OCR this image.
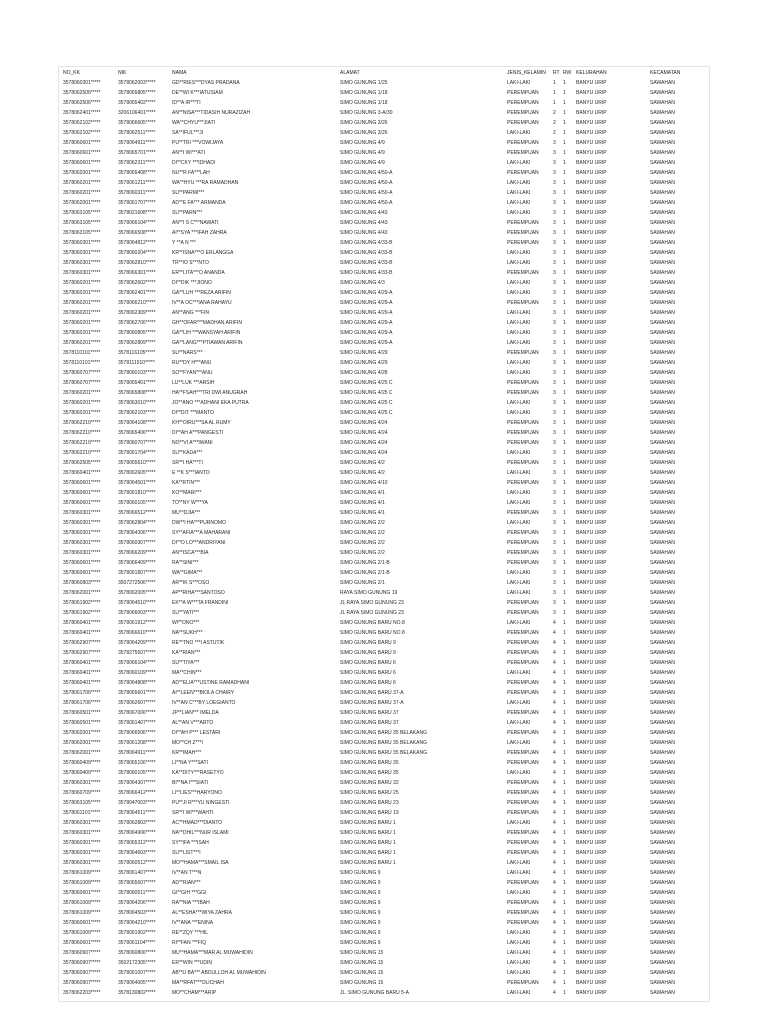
NO_KK	NIK	NAMA	ALAMAT	JENIS_KELAMIN	RT	RW	KELURAHAN	KECAMATAN
3578060301*****	3578062003*****	GD**RIES***DYAS PRADANA	SIMO GUNUNG 1/25	LAKI-LAKI	1	1	BANYU URIP	SAWAHAN
3578062506*****	3578065805*****	DE**WI K***IATUSIAM	SIMO GUNUNG 1/18	PEREMPUAN	1	1	BANYU URIP	SAWAHAN
3578062506*****	3578065402*****	ID**A IR***TI	SIMO GUNUNG 1/18	PEREMPUAN	1	1	BANYU URIP	SAWAHAN
3578062401*****	3206106401*****	AN**NISA***TIDASIH NURAZIZAH	SIMO GUNUNG 3-A/30	PEREMPUAN	2	1	BANYU URIP	SAWAHAN
3578062102*****	3578066605*****	WA**CHYU***JIATI	SIMO GUNUNG 3/26	PEREMPUAN	2	1	BANYU URIP	SAWAHAN
3578062102*****	3578062511*****	SA**IFUL***JI	SIMO GUNUNG 3/26	LAKI-LAKI	2	1	BANYU URIP	SAWAHAN
3578060601*****	3578064911*****	PU**TRI ***VOWIJAYA	SIMO GUNUNG 4/9	PEREMPUAN	3	1	BANYU URIP	SAWAHAN
3578060601*****	3578065701*****	AN**I WI***ATI	SIMO GUNUNG 4/9	PEREMPUAN	3	1	BANYU URIP	SAWAHAN
3578060601*****	3578062311*****	DI**CKY ***IDHADI	SIMO GUNUNG 4/9	LAKI-LAKI	3	1	BANYU URIP	SAWAHAN
3578062001*****	3578065408*****	NU**R FA***LAH	SIMO GUNUNG 4/50-A	PEREMPUAN	3	1	BANYU URIP	SAWAHAN
3578060201*****	3578061211*****	WA**HYU ***RA RAMADHAN	SIMO GUNUNG 4/50-A	LAKI-LAKI	3	1	BANYU URIP	SAWAHAN
3578060201*****	3578060311*****	SU**PARMI***	SIMO GUNUNG 4/50-A	LAKI-LAKI	3	1	BANYU URIP	SAWAHAN
3578062001*****	3578061707*****	AD**E FA*** ARMANDA	SIMO GUNUNG 4/50-A	LAKI-LAKI	3	1	BANYU URIP	SAWAHAN
3578063105*****	3578021608*****	SU**PARN***	SIMO GUNUNG 4/43	LAKI-LAKI	3	1	BANYU URIP	SAWAHAN
3578063105*****	3578066104*****	AN**I S C***NAWATI	SIMO GUNUNG 4/43	PEREMPUAN	3	1	BANYU URIP	SAWAHAN
3578063105*****	3578066508*****	AI**SYA ***IFAH ZAHRA	SIMO GUNUNG 4/43	PEREMPUAN	3	1	BANYU URIP	SAWAHAN
3578060301*****	3578064812*****	Y **A N ***	SIMO GUNUNG 4/33-B	PEREMPUAN	3	1	BANYU URIP	SAWAHAN
3578060301*****	3578060204*****	KR**ISNA***O ERLANGGA	SIMO GUNUNG 4/33-B	LAKI-LAKI	3	1	BANYU URIP	SAWAHAN
3578060301*****	3578062810*****	TR**IO S***NTO	SIMO GUNUNG 4/33-B	LAKI-LAKI	3	1	BANYU URIP	SAWAHAN
3578060301*****	3578066301*****	ER**LITA***O ANANDA	SIMO GUNUNG 4/33-B	PEREMPUAN	3	1	BANYU URIP	SAWAHAN
3578060201*****	3578062602*****	DI**DIK ***JIONO	SIMO GUNUNG 4/3	LAKI-LAKI	3	1	BANYU URIP	SAWAHAN
3578060201*****	3578062401*****	GA**LUH ***REZA ARIFIN	SIMO GUNUNG 4/29-A	LAKI-LAKI	3	1	BANYU URIP	SAWAHAN
3578060201*****	3578066210*****	IV**A OC***IANA RAHAYU	SIMO GUNUNG 4/29-A	PEREMPUAN	3	1	BANYU URIP	SAWAHAN
3578060201*****	3578062309*****	AN**ANG ***FIN	SIMO GUNUNG 4/29-A	LAKI-LAKI	3	1	BANYU URIP	SAWAHAN
3578060201*****	3578062706*****	GH**OFAR***MADHAN ARIFIN	SIMO GUNUNG 4/29-A	LAKI-LAKI	3	1	BANYU URIP	SAWAHAN
3578060201*****	3578060805*****	GA**LIH ***WANSYAH ARIFIN	SIMO GUNUNG 4/29-A	LAKI-LAKI	3	1	BANYU URIP	SAWAHAN
3578060201*****	3578062809*****	GA**LANG***PTIAWAN ARIFIN	SIMO GUNUNG 4/29-A	LAKI-LAKI	3	1	BANYU URIP	SAWAHAN
3578110101*****	3578116105*****	SU**NARS***	SIMO GUNUNG 4/29	PEREMPUAN	3	1	BANYU URIP	SAWAHAN
3578110101*****	3578111510*****	RU**DY H***ANU	SIMO GUNUNG 4/29	LAKI-LAKI	3	1	BANYU URIP	SAWAHAN
3578060707*****	3578060103*****	SO**FYAN***ANU	SIMO GUNUNG 4/28	LAKI-LAKI	3	1	BANYU URIP	SAWAHAN
3578060707*****	3578065401*****	LU**LUK ***ARSIH	SIMO GUNUNG 4/25 C	PEREMPUAN	3	1	BANYU URIP	SAWAHAN
3578060201*****	3578065808*****	HA**FSAH***TRI DWI ANUGRAH	SIMO GUNUNG 4/25 C	PEREMPUAN	3	1	BANYU URIP	SAWAHAN
3578060201*****	3578063010*****	JO**ANO ***ADHANI EKA PUTRA	SIMO GUNUNG 4/25 C	LAKI-LAKI	3	1	BANYU URIP	SAWAHAN
3578060201*****	3578062103*****	DI**DIT ***MANTO	SIMO GUNUNG 4/25 C	LAKI-LAKI	3	1	BANYU URIP	SAWAHAN
3578062210*****	3578064108*****	KH**OIRU***SA AL RUMY	SIMO GUNUNG 4/24	PEREMPUAN	3	1	BANYU URIP	SAWAHAN
3578062210*****	3578065406*****	DI**AH A***PANGESTI	SIMO GUNUNG 4/24	PEREMPUAN	3	1	BANYU URIP	SAWAHAN
3578062210*****	3578060707*****	NO**VI A***IWANI	SIMO GUNUNG 4/24	PEREMPUAN	3	1	BANYU URIP	SAWAHAN
3578062210*****	3578061704*****	SU**KADA***	SIMO GUNUNG 4/24	LAKI-LAKI	3	1	BANYU URIP	SAWAHAN
3578062505*****	3578065610*****	SR**I HA***TI	SIMO GUNUNG 4/2	PEREMPUAN	3	1	BANYU URIP	SAWAHAN
3578060401*****	3578062605*****	E **K S***IANTO	SIMO GUNUNG 4/2	LAKI-LAKI	3	1	BANYU URIP	SAWAHAN
3578060601*****	3578064501*****	KA**RTIN***	SIMO GUNUNG 4/10	PEREMPUAN	3	1	BANYU URIP	SAWAHAN
3578060601*****	3578061810*****	KO**MARI***	SIMO GUNUNG 4/1	LAKI-LAKI	3	1	BANYU URIP	SAWAHAN
3578060601*****	3578060105*****	TO**NY W***YA	SIMO GUNUNG 4/1	LAKI-LAKI	3	1	BANYU URIP	SAWAHAN
3578060301*****	3578066512*****	MU**DJIA***	SIMO GUNUNG 4/1	PEREMPUAN	3	1	BANYU URIP	SAWAHAN
3578060301*****	3578062804*****	DW**I HA***PURNOMO	SIMO GUNUNG 2/2	LAKI-LAKI	3	1	BANYU URIP	SAWAHAN
3578060301*****	3578064306*****	SY**AFIA***A MAHARANI	SIMO GUNUNG 2/2	PEREMPUAN	3	1	BANYU URIP	SAWAHAN
3578060301*****	3578060307*****	DI**O LO***ANDRIYANI	SIMO GUNUNG 2/2	PEREMPUAN	3	1	BANYU URIP	SAWAHAN
3578060301*****	3578066209*****	AN**ISCA***BIA	SIMO GUNUNG 2/2	PEREMPUAN	3	1	BANYU URIP	SAWAHAN
3578060601*****	3578066409*****	RA**SINI***	SIMO GUNUNG 2/1-B	PEREMPUAN	3	1	BANYU URIP	SAWAHAN
3578060601*****	3578061807*****	WA**GIMA***	SIMO GUNUNG 2/1-B	LAKI-LAKI	3	1	BANYU URIP	SAWAHAN
3578060803*****	3507272506*****	AR**IK S***OSO	SIMO GUNUNG 2/1	LAKI-LAKI	3	1	BANYU URIP	SAWAHAN
3578062001*****	3578062005*****	AP**RIHA***SANTOSO	RAYA SIMO GUNUNG 19	LAKI-LAKI	3	1	BANYU URIP	SAWAHAN
3578061902*****	3578064510*****	EK**A W***TA FRANDINI	JL RAYA SIMO GUNUNG 23	PEREMPUAN	3	1	BANYU URIP	SAWAHAN
3578061902*****	3578066003*****	SU**YATI***	JL RAYA SIMO GUNUNG 23	PEREMPUAN	3	1	BANYU URIP	SAWAHAN
3578060401*****	3578061912*****	WI**ONO***	SIMO GUNUNG BARU NO.8	LAKI-LAKI	4	1	BANYU URIP	SAWAHAN
3578060401*****	3578066610*****	NA**SUKH***	SIMO GUNUNG BARU NO.8	PEREMPUAN	4	1	BANYU URIP	SAWAHAN
3578062907*****	3578064209*****	RE**TNO ***I ASTUTIK	SIMO GUNUNG BARU 9	PEREMPUAN	4	1	BANYU URIP	SAWAHAN
3578062907*****	3578275507*****	KA**RIAN***	SIMO GUNUNG BARU 9	PEREMPUAN	4	1	BANYU URIP	SAWAHAN
3578060401*****	3578066104*****	SU**TIYA***	SIMO GUNUNG BARU 6	PEREMPUAN	4	1	BANYU URIP	SAWAHAN
3578060401*****	3578060109*****	MA**CHIN***	SIMO GUNUNG BARU 6	LAKI-LAKI	4	1	BANYU URIP	SAWAHAN
3578060401*****	3578064808*****	AD**ELIA***USTINE RAMADHANI	SIMO GUNUNG BARU 6	PEREMPUAN	4	1	BANYU URIP	SAWAHAN
3578061706*****	3578065601*****	AI**LEEN***BIOLA CHAIRY	SIMO GUNUNG BARU 37-A	PEREMPUAN	4	1	BANYU URIP	SAWAHAN
3578061706*****	3578062607*****	IV**AN C***BY LOEGIANTO	SIMO GUNUNG BARU 37-A	LAKI-LAKI	4	1	BANYU URIP	SAWAHAN
3578060501*****	3578067006*****	JP**LIAN*** IMELDA	SIMO GUNUNG BARU 37	PEREMPUAN	4	1	BANYU URIP	SAWAHAN
3578060501*****	3578061407*****	AL**AN V***ARTO	SIMO GUNUNG BARU 37	LAKI-LAKI	4	1	BANYU URIP	SAWAHAN
3578062001*****	3578066506*****	DI**AH P*** LESTARI	SIMO GUNUNG BARU 35 BELAKANG	PEREMPUAN	4	1	BANYU URIP	SAWAHAN
3578062001*****	3578061208*****	MO**CH Z***I	SIMO GUNUNG BARU 35 BELAKANG	LAKI-LAKI	4	1	BANYU URIP	SAWAHAN
3578062001*****	3578064911*****	KR**IMAH***	SIMO GUNUNG BARU 35 BELAKANG	PEREMPUAN	4	1	BANYU URIP	SAWAHAN
3578060409*****	3578065106*****	LI**NA Y***SATI	SIMO GUNUNG BARU 35	PEREMPUAN	4	1	BANYU URIP	SAWAHAN
3578060409*****	3578060105*****	KA**DITY***RASETYO	SIMO GUNUNG BARU 35	LAKI-LAKI	4	1	BANYU URIP	SAWAHAN
3578060301*****	3578064307*****	BI**NA I***SIATI	SIMO GUNUNG BARU 32	PEREMPUAN	4	1	BANYU URIP	SAWAHAN
3578060709*****	3578066412*****	LI**LIES***HARYONO	SIMO GUNUNG BARU 25	PEREMPUAN	4	1	BANYU URIP	SAWAHAN
3578063105*****	3578047003*****	PU**JI R***YU NINGESTI	SIMO GUNUNG BARU 23	PEREMPUAN	4	1	BANYU URIP	SAWAHAN
3578061101*****	3578064511*****	SR**I WI***WAHTI	SIMO GUNUNG BARU 19	PEREMPUAN	4	1	BANYU URIP	SAWAHAN
3578060301*****	3578062803*****	AC**HMAD***DIANTO	SIMO GUNUNG BARU 1	LAKI-LAKI	4	1	BANYU URIP	SAWAHAN
3578060301*****	3578064906*****	NA**DHIL***NUR ISLAMI	SIMO GUNUNG BARU 1	PEREMPUAN	4	1	BANYU URIP	SAWAHAN
3578060301*****	3578065312*****	SY**IFA ***ISAH	SIMO GUNUNG BARU 1	PEREMPUAN	4	1	BANYU URIP	SAWAHAN
3578060301*****	3578064603*****	SU**LIST***I	SIMO GUNUNG BARU 1	PEREMPUAN	4	1	BANYU URIP	SAWAHAN
3578060301*****	3578060512*****	MO**HAMA***SMAIL ISA	SIMO GUNUNG BARU 1	LAKI-LAKI	4	1	BANYU URIP	SAWAHAN
3578061009*****	3578061407*****	IV**AN T***N	SIMO GUNUNG 9	LAKI-LAKI	4	1	BANYU URIP	SAWAHAN
3578061009*****	3578065607*****	AD**RIAN***	SIMO GUNUNG 9	PEREMPUAN	4	1	BANYU URIP	SAWAHAN
3578060601*****	3578060511*****	GI**GIH ***GGI	SIMO GUNUNG 9	LAKI-LAKI	4	1	BANYU URIP	SAWAHAN
3578061009*****	3578064206*****	RA**NIA ***IBAH	SIMO GUNUNG 9	PEREMPUAN	4	1	BANYU URIP	SAWAHAN
3578061009*****	3578064503*****	AL**ESHA***WIYA ZAHRA	SIMO GUNUNG 9	PEREMPUAN	4	1	BANYU URIP	SAWAHAN
3578060601*****	3578064210*****	IV**ANA ***ENINA	SIMO GUNUNG 9	PEREMPUAN	4	1	BANYU URIP	SAWAHAN
3578061009*****	3578061902*****	RE**ZQY ***HIL	SIMO GUNUNG 9	LAKI-LAKI	4	1	BANYU URIP	SAWAHAN
3578060601*****	3578061104*****	RI**FAN ***FIQ	SIMO GUNUNG 9	LAKI-LAKI	4	1	BANYU URIP	SAWAHAN
3578060907*****	3578060806*****	MU**HAMA***MAR AL MUWAHIDIN	SIMO GUNUNG 15	LAKI-LAKI	4	1	BANYU URIP	SAWAHAN
3578060907*****	3502172305*****	ER**WIN ***UDIN	SIMO GUNUNG 15	LAKI-LAKI	4	1	BANYU URIP	SAWAHAN
3578060907*****	3578061007*****	AB**U BA*** ABDULLOH AL MUWAHIDIN	SIMO GUNUNG 15	LAKI-LAKI	4	1	BANYU URIP	SAWAHAN
3578060907*****	3578064005*****	MA**RFAT***OLICHAH	SIMO GUNUNG 15	PEREMPUAN	4	1	BANYU URIP	SAWAHAN
3578062203*****	3578130802*****	MO**CHAM***ARIP	JL. SIMO GUNUNG BARU 5-A	LAKI-LAKI	4	1	BANYU URIP	SAWAHAN
